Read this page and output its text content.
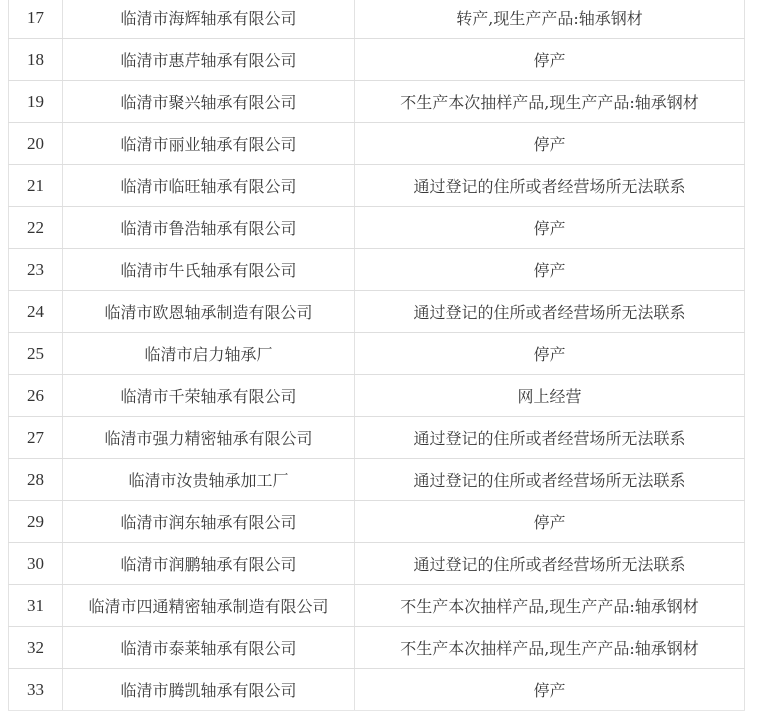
17	临清市海辉轴承有限公司	转产,现生产产品:轴承钢材
18	临清市惠芹轴承有限公司	停产
19	临清市聚兴轴承有限公司	不生产本次抽样产品,现生产产品:轴承钢材
20	临清市丽业轴承有限公司	停产
21	临清市临旺轴承有限公司	通过登记的住所或者经营场所无法联系
22	临清市鲁浩轴承有限公司	停产
23	临清市牛氏轴承有限公司	停产
24	临清市欧恩轴承制造有限公司	通过登记的住所或者经营场所无法联系
25	临清市启力轴承厂	停产
26	临清市千荣轴承有限公司	网上经营
27	临清市强力精密轴承有限公司	通过登记的住所或者经营场所无法联系
28	临清市汝贵轴承加工厂	通过登记的住所或者经营场所无法联系
29	临清市润东轴承有限公司	停产
30	临清市润鹏轴承有限公司	通过登记的住所或者经营场所无法联系
31	临清市四通精密轴承制造有限公司	不生产本次抽样产品,现生产产品:轴承钢材
32	临清市泰莱轴承有限公司	不生产本次抽样产品,现生产产品:轴承钢材
33	临清市腾凯轴承有限公司	停产
